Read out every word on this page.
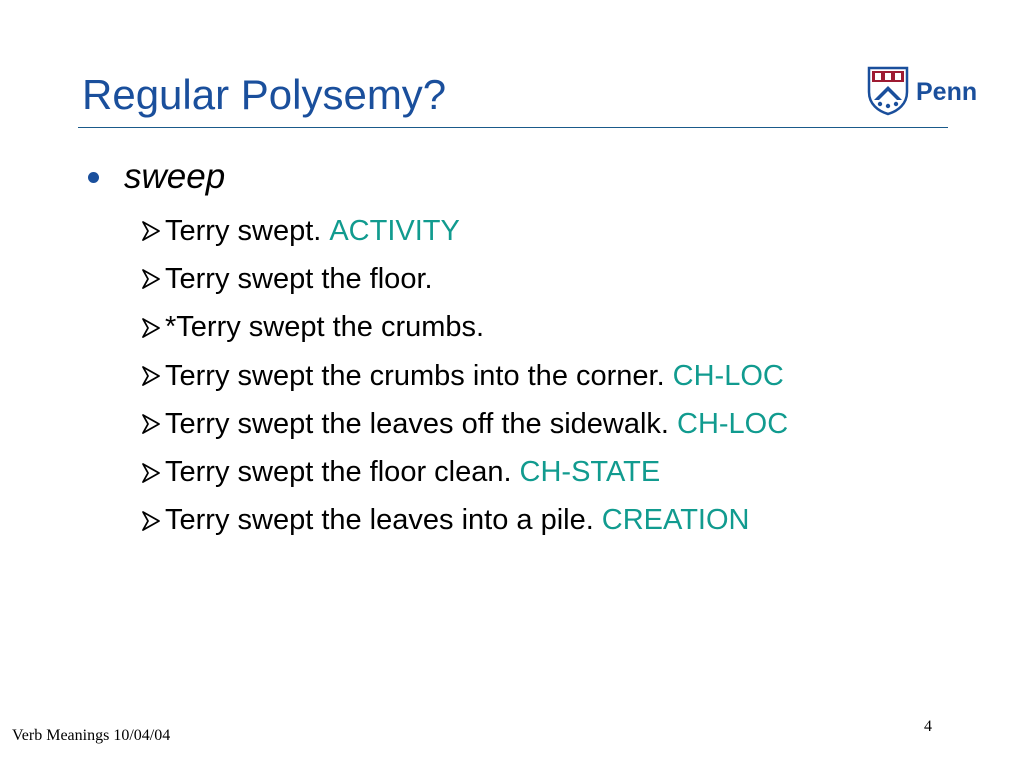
Regular Polysemy?	Penn
sweep
Terry swept. ACTIVITY
Terry swept the floor.
*Terry swept the crumbs.
Terry swept the crumbs into the corner. CH-LOC
Terry swept the leaves off the sidewalk. CH-LOC
Terry swept the floor clean. CH-STATE
Terry swept the leaves into a pile. CREATION
Verb Meanings 10/04/04
4
